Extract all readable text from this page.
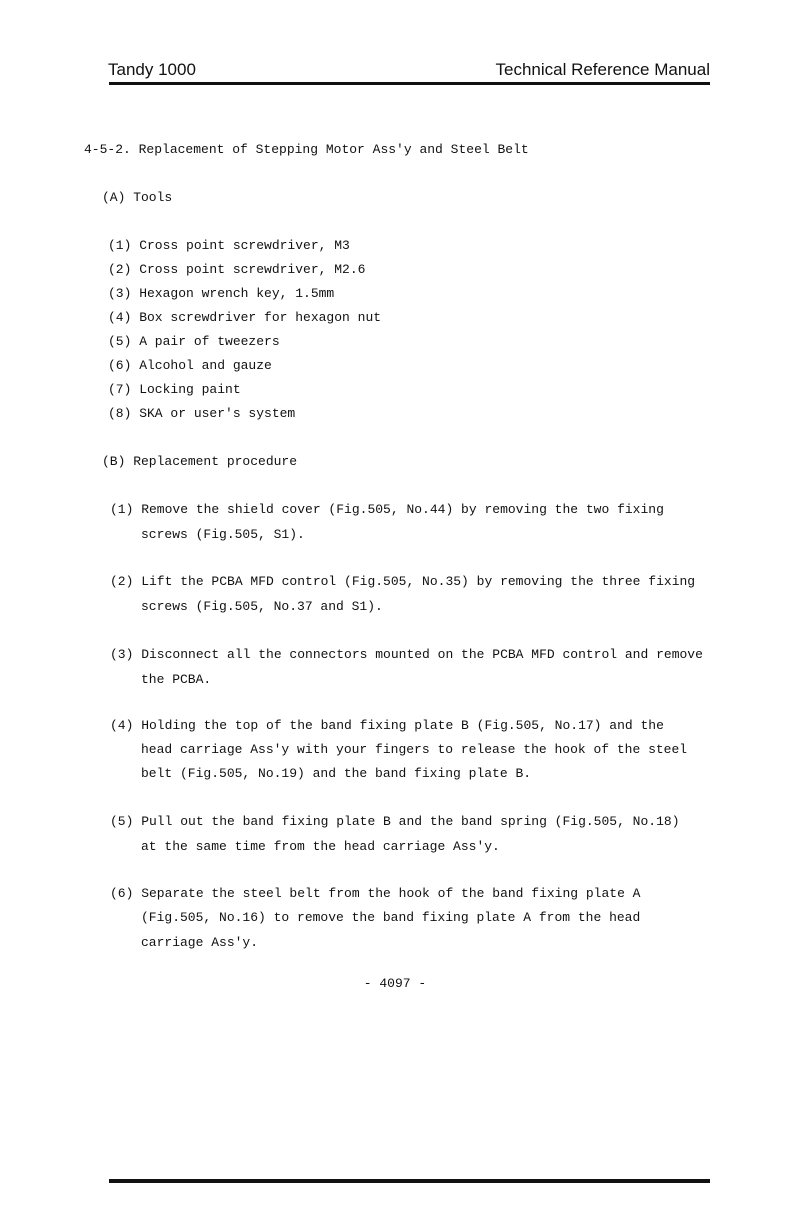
Tandy 1000	Technical Reference Manual
4-5-2. Replacement of Stepping Motor Ass'y and Steel Belt
(A) Tools
(1) Cross point screwdriver, M3
(2) Cross point screwdriver, M2.6
(3) Hexagon wrench key, 1.5mm
(4) Box screwdriver for hexagon nut
(5) A pair of tweezers
(6) Alcohol and gauze
(7) Locking paint
(8) SKA or user's system
(B) Replacement procedure
(1) Remove the shield cover (Fig.505, No.44) by removing the two fixing
screws (Fig.505, S1).
(2) Lift the PCBA MFD control (Fig.505, No.35) by removing the three fixing
screws (Fig.505, No.37 and S1).
(3) Disconnect all the connectors mounted on the PCBA MFD control and remove
the PCBA.
(4) Holding the top of the band fixing plate B (Fig.505, No.17) and the
head carriage Ass'y with your fingers to release the hook of the steel
belt (Fig.505, No.19) and the band fixing plate B.
(5) Pull out the band fixing plate B and the band spring (Fig.505, No.18)
at the same time from the head carriage Ass'y.
(6) Separate the steel belt from the hook of the band fixing plate A
(Fig.505, No.16) to remove the band fixing plate A from the head
carriage Ass'y.
- 4097 -
